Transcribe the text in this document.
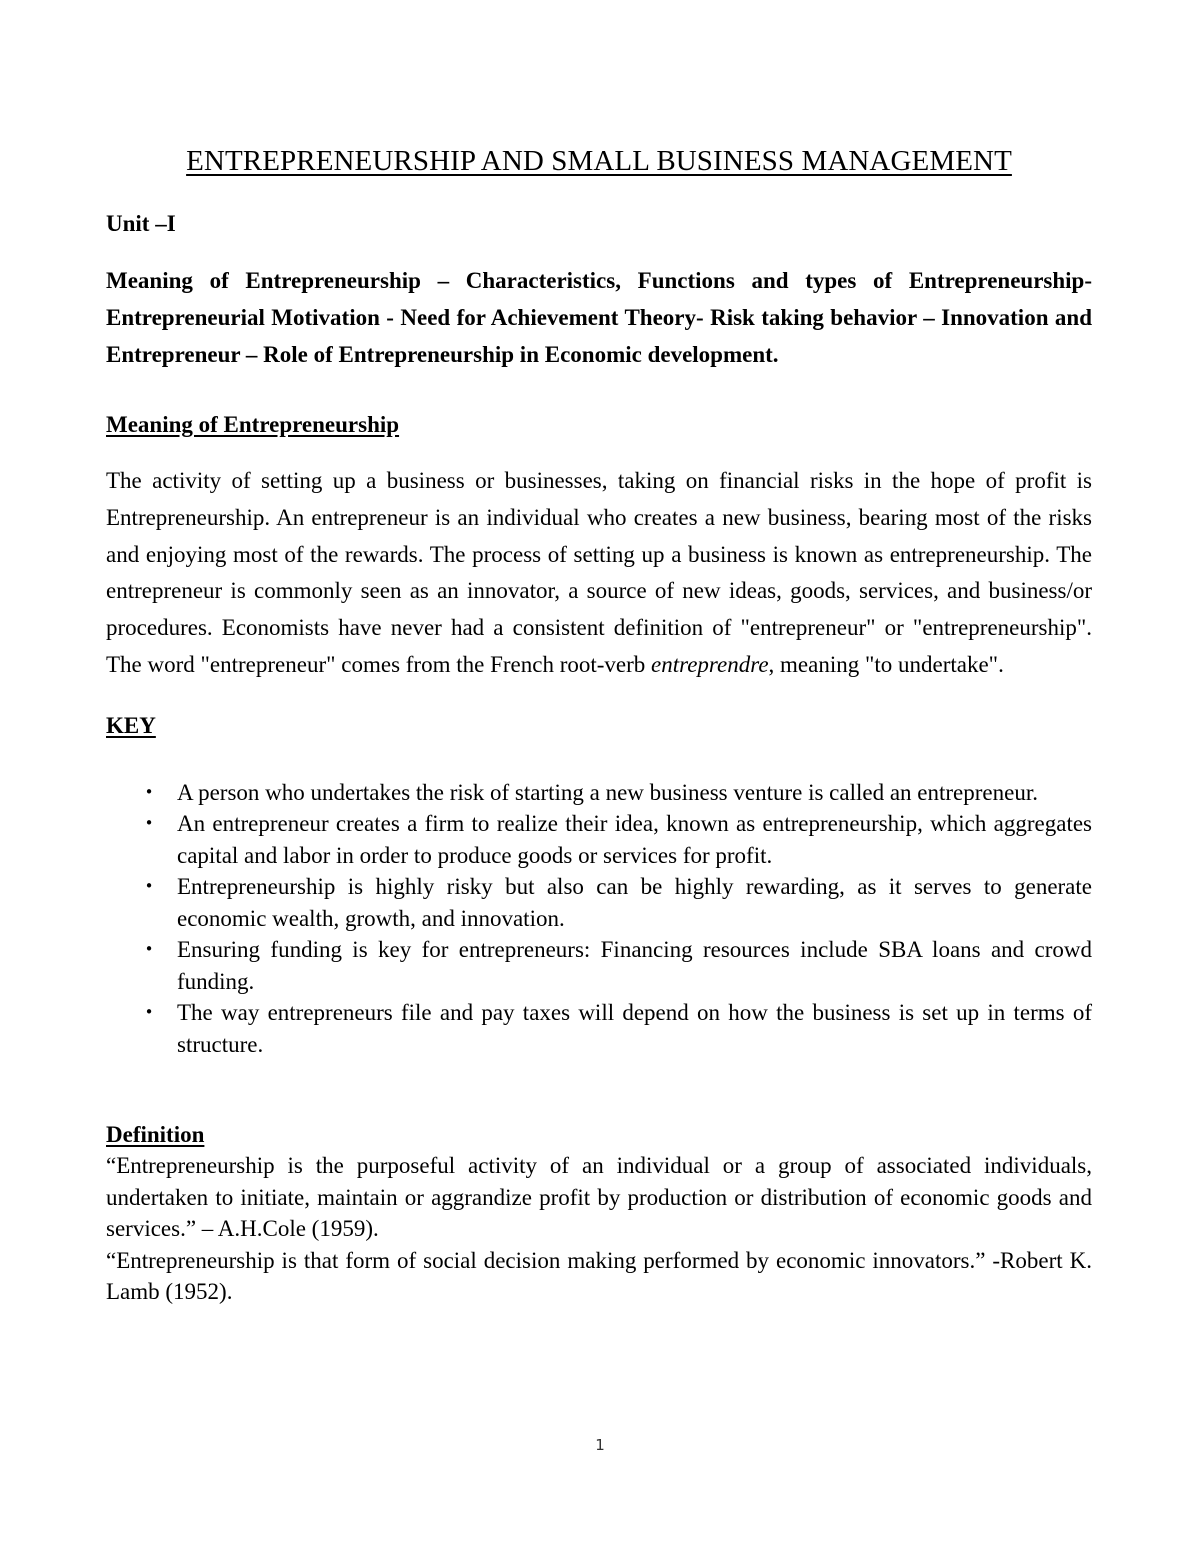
ENTREPRENEURSHIP AND SMALL BUSINESS MANAGEMENT

Unit –I

Meaning of Entrepreneurship – Characteristics, Functions and types of Entrepreneurship- Entrepreneurial Motivation - Need for Achievement Theory- Risk taking behavior – Innovation and Entrepreneur – Role of Entrepreneurship in Economic development.

Meaning of Entrepreneurship

The activity of setting up a business or businesses, taking on financial risks in the hope of profit is Entrepreneurship. An entrepreneur is an individual who creates a new business, bearing most of the risks and enjoying most of the rewards. The process of setting up a business is known as entrepreneurship. The entrepreneur is commonly seen as an innovator, a source of new ideas, goods, services, and business/or procedures. Economists have never had a consistent definition of "entrepreneur" or "entrepreneurship". The word "entrepreneur" comes from the French root-verb entreprendre, meaning "to undertake".

KEY

• A person who undertakes the risk of starting a new business venture is called an entrepreneur.
• An entrepreneur creates a firm to realize their idea, known as entrepreneurship, which aggregates capital and labor in order to produce goods or services for profit.
• Entrepreneurship is highly risky but also can be highly rewarding, as it serves to generate economic wealth, growth, and innovation.
• Ensuring funding is key for entrepreneurs: Financing resources include SBA loans and crowd funding.
• The way entrepreneurs file and pay taxes will depend on how the business is set up in terms of structure.

Definition

“Entrepreneurship is the purposeful activity of an individual or a group of associated individuals, undertaken to initiate, maintain or aggrandize profit by production or distribution of economic goods and services.” – A.H.Cole (1959).

“Entrepreneurship is that form of social decision making performed by economic innovators.” -Robert K. Lamb (1952).

1
